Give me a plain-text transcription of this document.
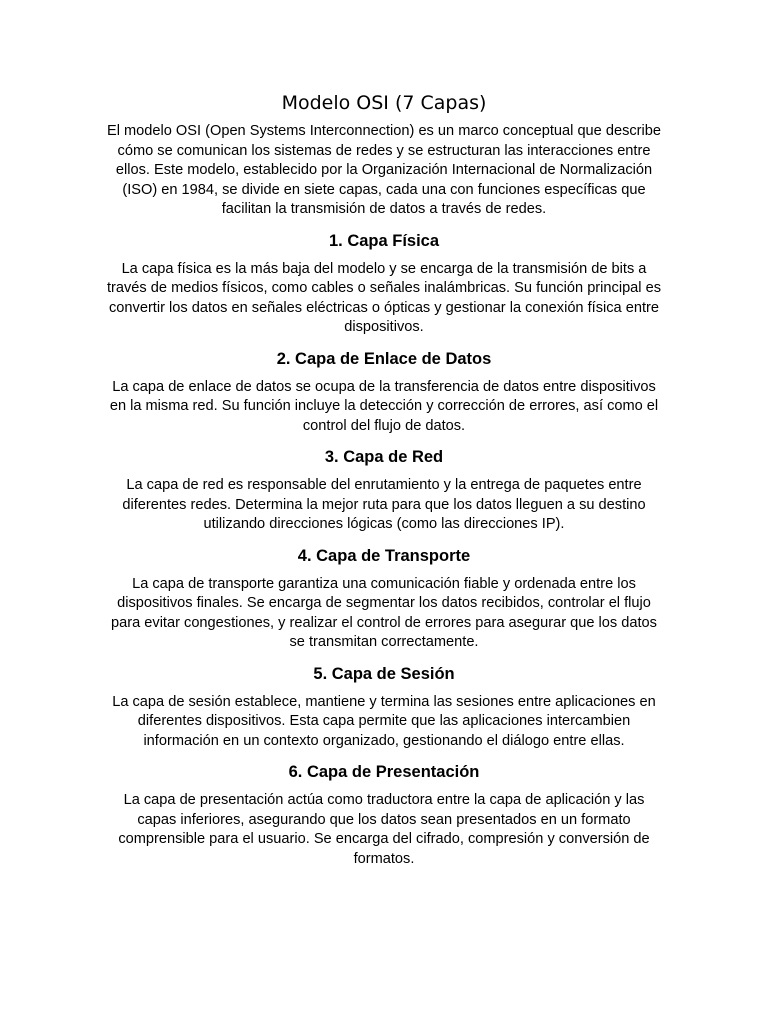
Modelo OSI (7 Capas)

El modelo OSI (Open Systems Interconnection) es un marco conceptual que describe cómo se comunican los sistemas de redes y se estructuran las interacciones entre ellos. Este modelo, establecido por la Organización Internacional de Normalización (ISO) en 1984, se divide en siete capas, cada una con funciones específicas que facilitan la transmisión de datos a través de redes.

1. Capa Física

La capa física es la más baja del modelo y se encarga de la transmisión de bits a través de medios físicos, como cables o señales inalámbricas. Su función principal es convertir los datos en señales eléctricas o ópticas y gestionar la conexión física entre dispositivos.

2. Capa de Enlace de Datos

La capa de enlace de datos se ocupa de la transferencia de datos entre dispositivos en la misma red. Su función incluye la detección y corrección de errores, así como el control del flujo de datos.

3. Capa de Red

La capa de red es responsable del enrutamiento y la entrega de paquetes entre diferentes redes. Determina la mejor ruta para que los datos lleguen a su destino utilizando direcciones lógicas (como las direcciones IP).

4. Capa de Transporte

La capa de transporte garantiza una comunicación fiable y ordenada entre los dispositivos finales. Se encarga de segmentar los datos recibidos, controlar el flujo para evitar congestiones, y realizar el control de errores para asegurar que los datos se transmitan correctamente.

5. Capa de Sesión

La capa de sesión establece, mantiene y termina las sesiones entre aplicaciones en diferentes dispositivos. Esta capa permite que las aplicaciones intercambien información en un contexto organizado, gestionando el diálogo entre ellas.

6. Capa de Presentación

La capa de presentación actúa como traductora entre la capa de aplicación y las capas inferiores, asegurando que los datos sean presentados en un formato comprensible para el usuario. Se encarga del cifrado, compresión y conversión de formatos.
